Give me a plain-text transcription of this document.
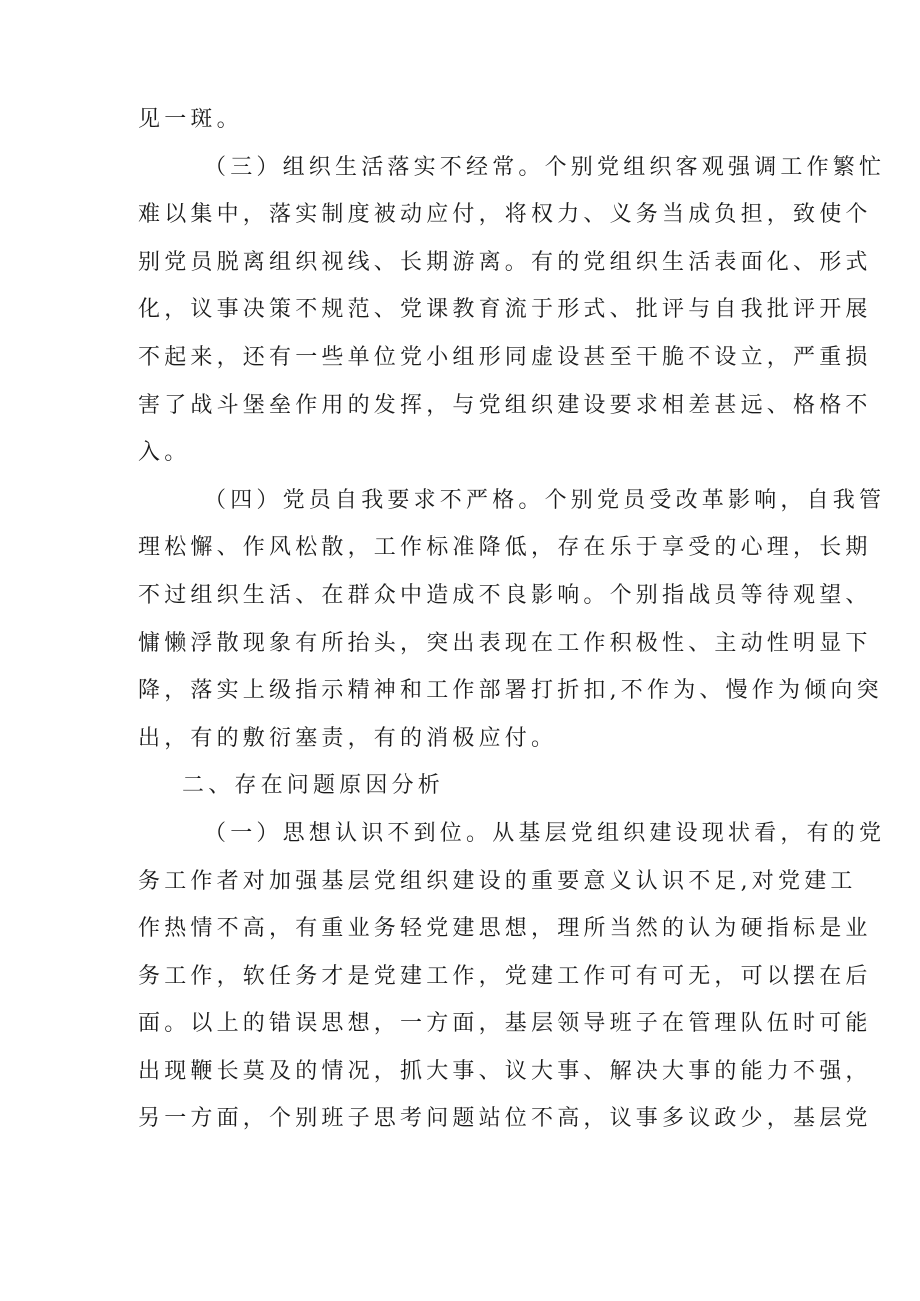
见一斑。
（三）组织生活落实不经常。个别党组织客观强调工作繁忙
难以集中，落实制度被动应付，将权力、义务当成负担，致使个
别党员脱离组织视线、长期游离。有的党组织生活表面化、形式
化，议事决策不规范、党课教育流于形式、批评与自我批评开展
不起来，还有一些单位党小组形同虚设甚至干脆不设立，严重损
害了战斗堡垒作用的发挥，与党组织建设要求相差甚远、格格不
入。
（四）党员自我要求不严格。个别党员受改革影响，自我管
理松懈、作风松散，工作标准降低，存在乐于享受的心理，长期
不过组织生活、在群众中造成不良影响。个别指战员等待观望、
慵懒浮散现象有所抬头，突出表现在工作积极性、主动性明显下
降，落实上级指示精神和工作部署打折扣,不作为、慢作为倾向突
出，有的敷衍塞责，有的消极应付。
二、存在问题原因分析
（一）思想认识不到位。从基层党组织建设现状看，有的党
务工作者对加强基层党组织建设的重要意义认识不足,对党建工
作热情不高，有重业务轻党建思想，理所当然的认为硬指标是业
务工作，软任务才是党建工作，党建工作可有可无，可以摆在后
面。以上的错误思想，一方面，基层领导班子在管理队伍时可能
出现鞭长莫及的情况，抓大事、议大事、解决大事的能力不强，
另一方面，个别班子思考问题站位不高，议事多议政少，基层党
